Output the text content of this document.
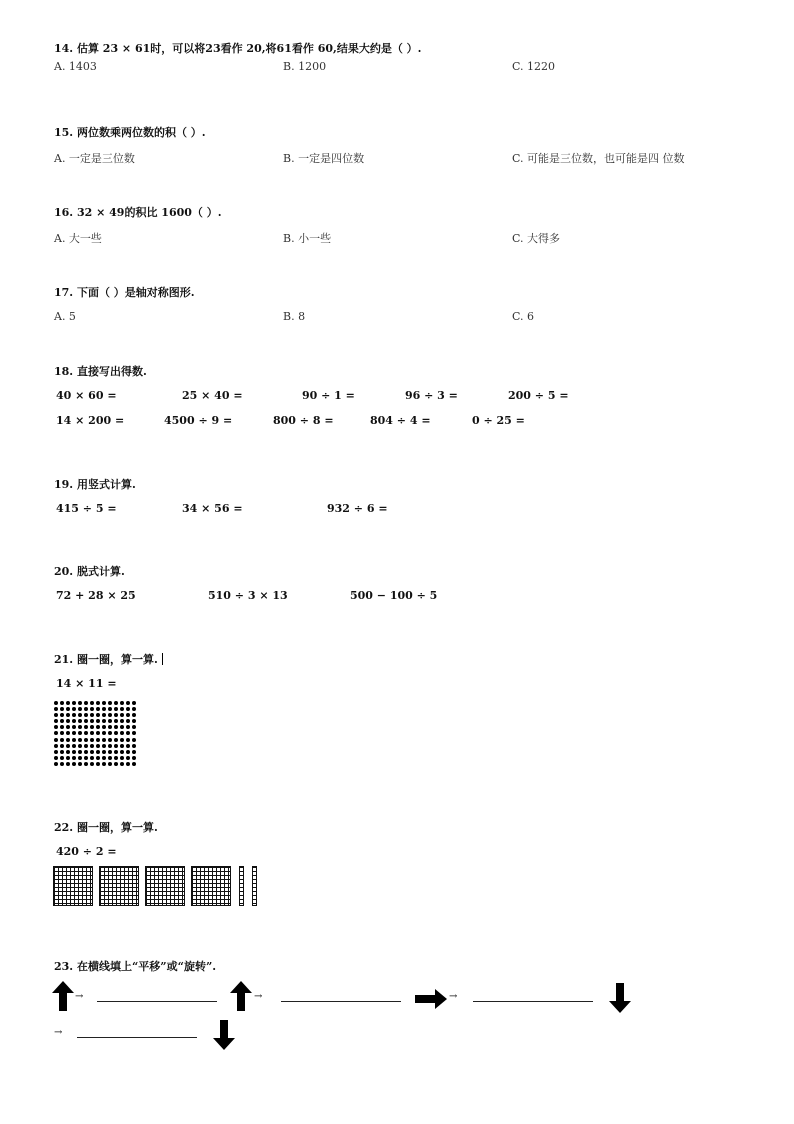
14. 估算 23 × 61时，可以将23看作 20,将61看作 60,结果大约是（ ）.
A. 1403	B. 1200	C. 1220
15. 两位数乘两位数的积（ ）.
A. 一定是三位数	B. 一定是四位数	C. 可能是三位数，也可能是四 位数
16. 32 × 49的积比 1600（ ）.
A. 大一些	B. 小一些	C. 大得多
17. 下面（ ）是轴对称图形.
A. 5	B. 8	C. 6
18. 直接写出得数.
40 × 60 =	25 × 40 =	90 ÷ 1 =	96 ÷ 3 =	200 ÷ 5 =
14 × 200 =	4500 ÷ 9 =	800 ÷ 8 =	804 ÷ 4 =	0 ÷ 25 =
19. 用竖式计算.
415 ÷ 5 =	34 × 56 =	932 ÷ 6 =
20. 脱式计算.
72 + 28 × 25	510 ÷ 3 × 13	500 − 100 ÷ 5
21. 圈一圈，算一算.
14 × 11 =
22. 圈一圈，算一算.
420 ÷ 2 =
23. 在横线填上“平移”或“旋转”.
→	→	→
→
